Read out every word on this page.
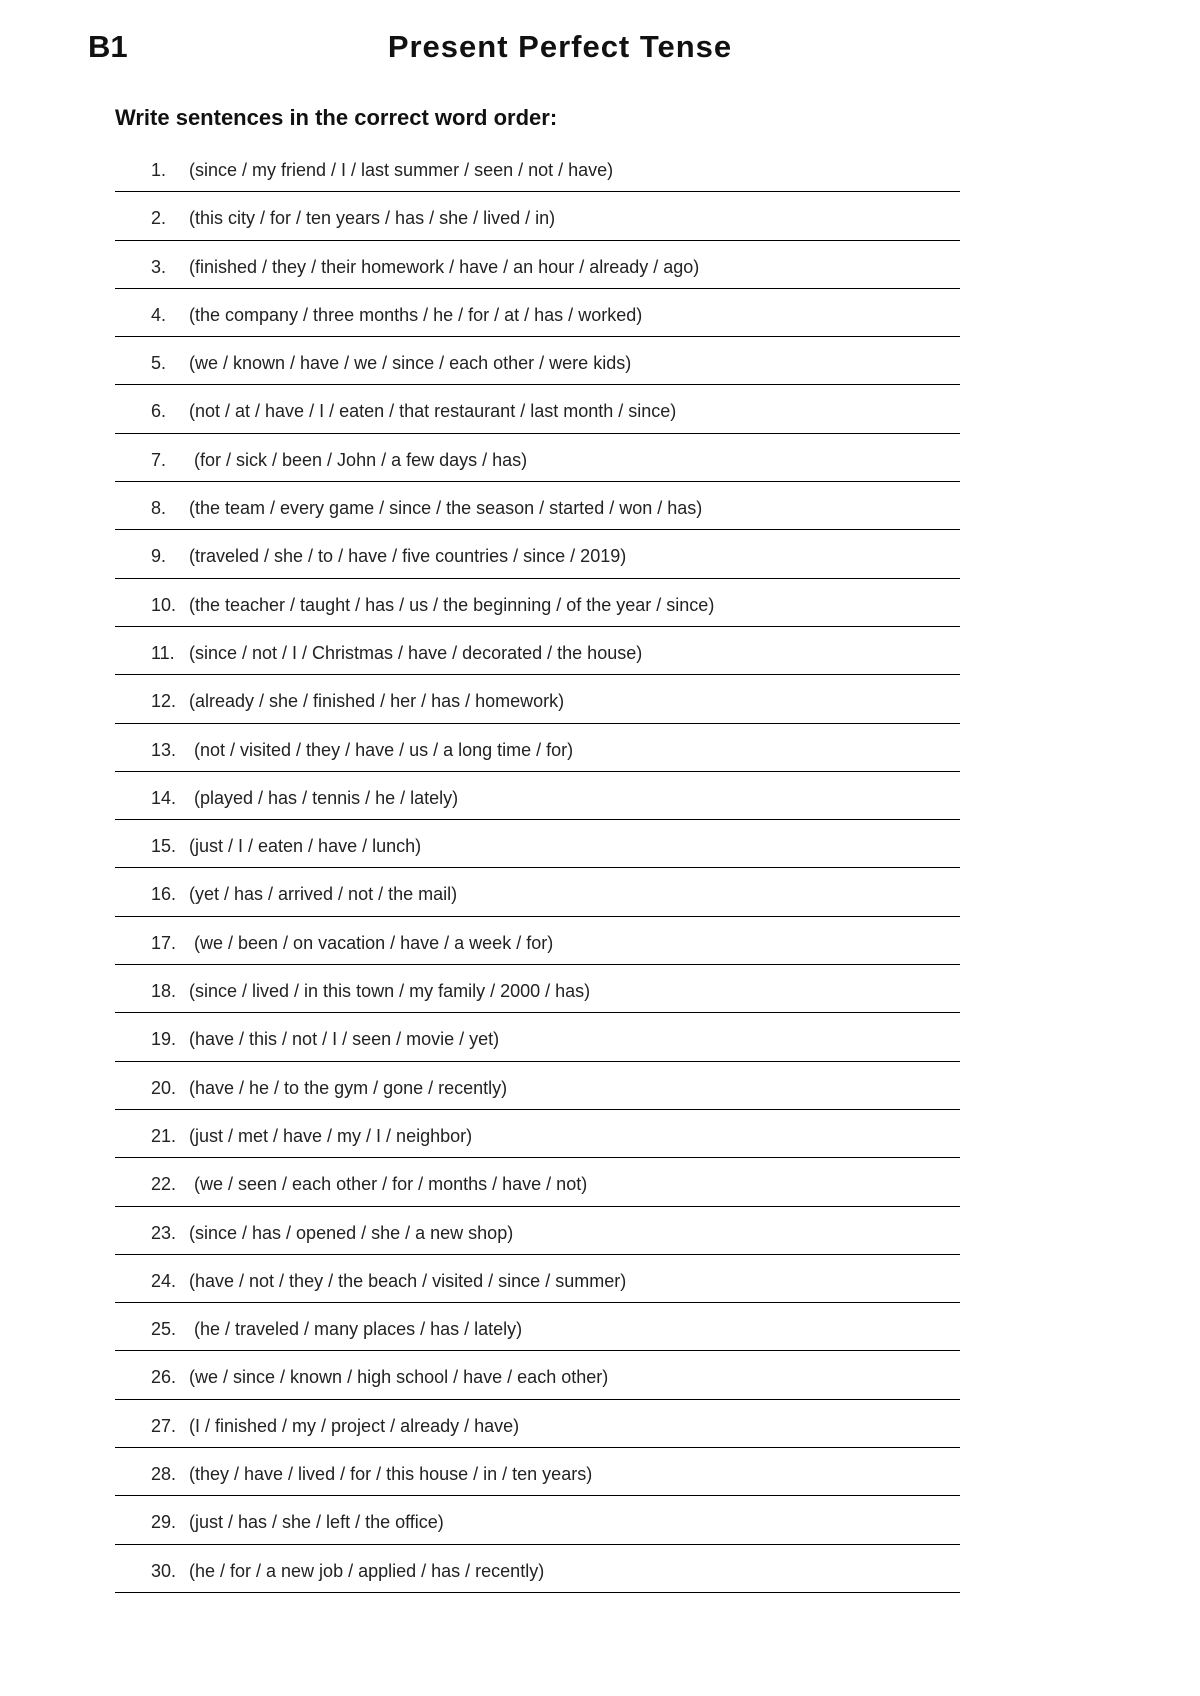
B1	Present Perfect Tense

Write sentences in the correct word order:

1. (since / my friend / I / last summer / seen / not / have)
2. (this city / for / ten years / has / she / lived / in)
3. (finished / they / their homework / have / an hour / already / ago)
4. (the company / three months / he / for / at / has / worked)
5. (we / known / have / we / since / each other / were kids)
6. (not / at / have / I / eaten / that restaurant / last month / since)
7. (for / sick / been / John / a few days / has)
8. (the team / every game / since / the season / started / won / has)
9. (traveled / she / to / have / five countries / since / 2019)
10. (the teacher / taught / has / us / the beginning / of the year / since)
11. (since / not / I / Christmas / have / decorated / the house)
12. (already / she / finished / her / has / homework)
13. (not / visited / they / have / us / a long time / for)
14. (played / has / tennis / he / lately)
15. (just / I / eaten / have / lunch)
16. (yet / has / arrived / not / the mail)
17. (we / been / on vacation / have / a week / for)
18. (since / lived / in this town / my family / 2000 / has)
19. (have / this / not / I / seen / movie / yet)
20. (have / he / to the gym / gone / recently)
21. (just / met / have / my / I / neighbor)
22. (we / seen / each other / for / months / have / not)
23. (since / has / opened / she / a new shop)
24. (have / not / they / the beach / visited / since / summer)
25. (he / traveled / many places / has / lately)
26. (we / since / known / high school / have / each other)
27. (I / finished / my / project / already / have)
28. (they / have / lived / for / this house / in / ten years)
29. (just / has / she / left / the office)
30. (he / for / a new job / applied / has / recently)
